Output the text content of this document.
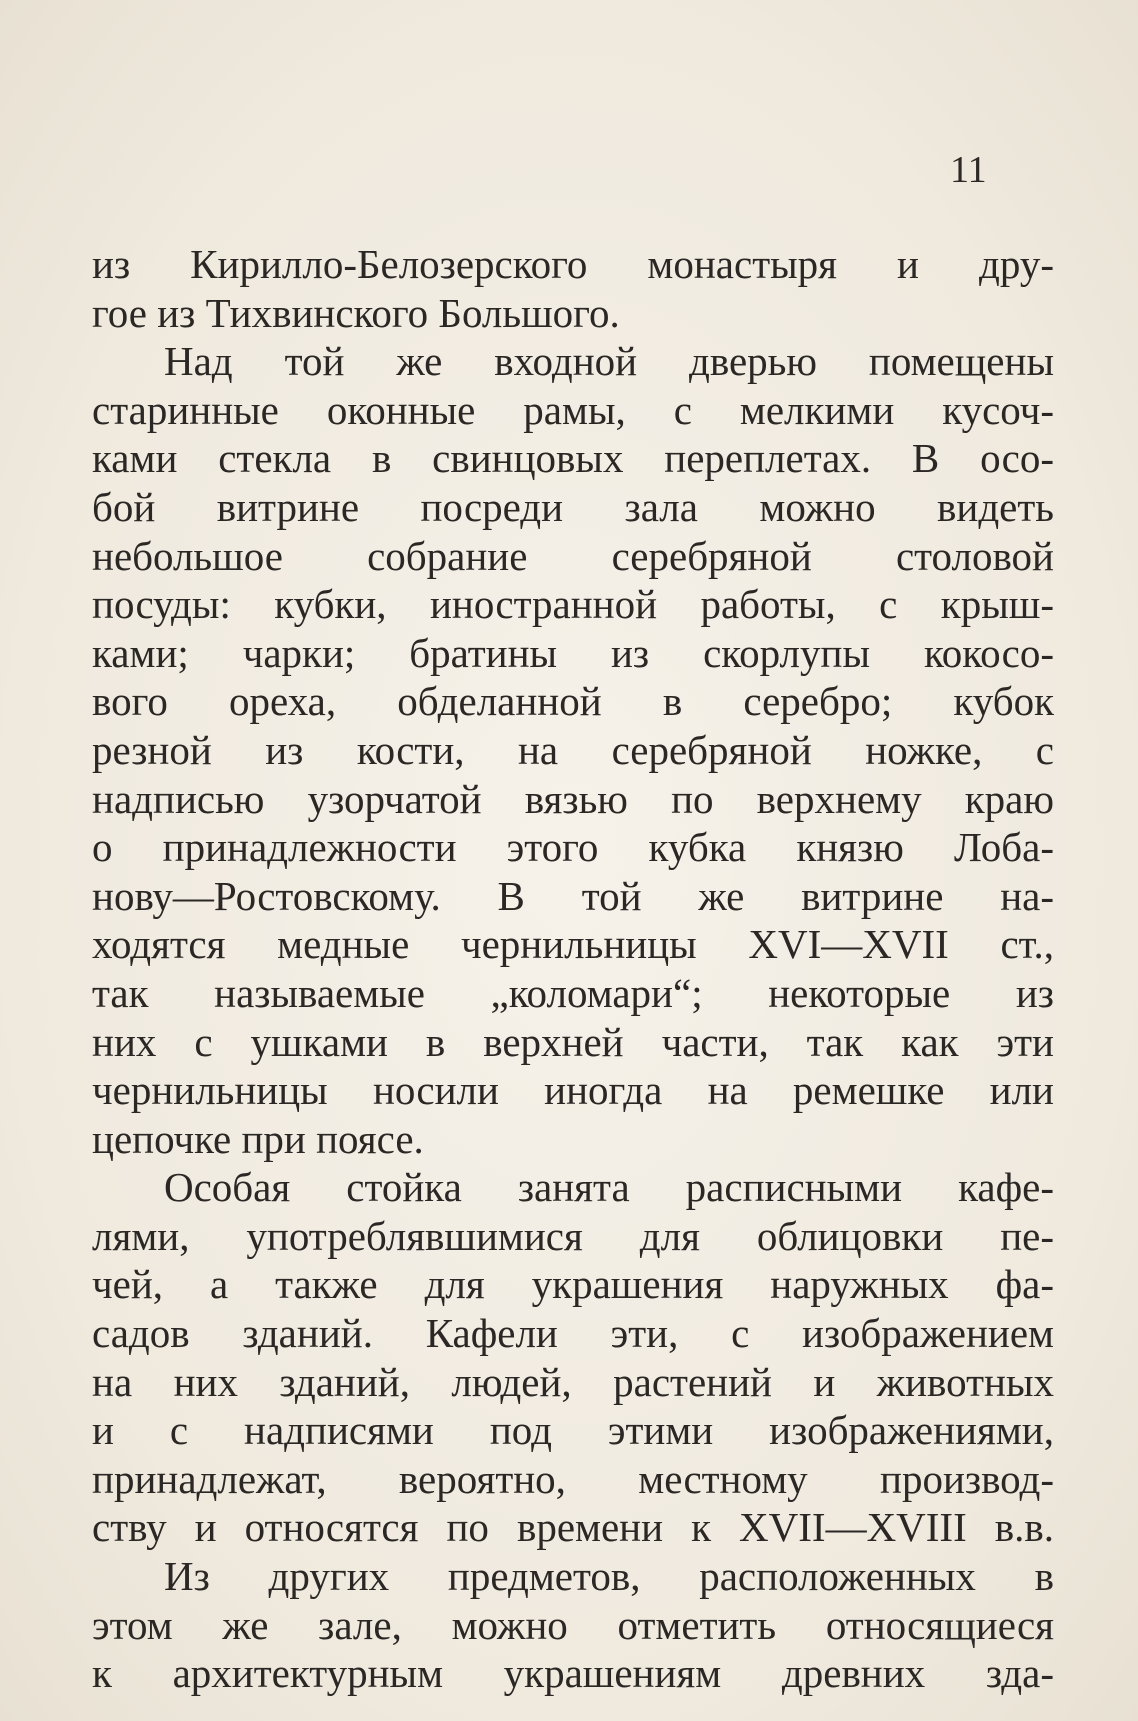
11
из Кирилло-Белозерского монастыря и дру-
гое из Тихвинского Большого.
Над той же входной дверью помещены
старинные оконные рамы, с мелкими кусоч-
ками стекла в свинцовых переплетах. В осо-
бой витрине посреди зала можно видеть
небольшое собрание серебряной столовой
посуды: кубки, иностранной работы, с крыш-
ками; чарки; братины из скорлупы кокосо-
вого ореха, обделанной в серебро; кубок
резной из кости, на серебряной ножке, с
надписью узорчатой вязью по верхнему краю
о принадлежности этого кубка князю Лоба-
нову—Ростовскому. В той же витрине на-
ходятся медные чернильницы XVI—XVII ст.,
так называемые „коломари“; некоторые из
них с ушками в верхней части, так как эти
чернильницы носили иногда на ремешке или
цепочке при поясе.
Особая стойка занята расписными кафе-
лями, употреблявшимися для облицовки пе-
чей, а также для украшения наружных фа-
садов зданий. Кафели эти, с изображением
на них зданий, людей, растений и животных
и с надписями под этими изображениями,
принадлежат, вероятно, местному производ-
ству и относятся по времени к XVII—XVIII в.в.
Из других предметов, расположенных в
этом же зале, можно отметить относящиеся
к архитектурным украшениям древних зда-
